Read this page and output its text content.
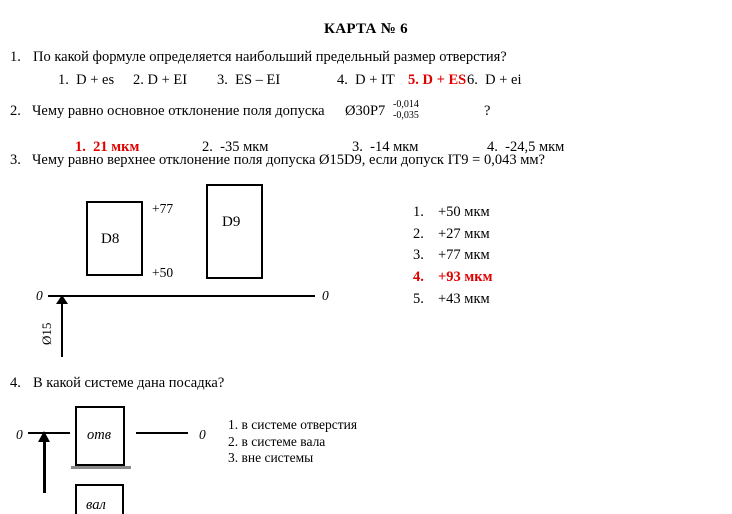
КАРТА № 6
1. По какой формуле определяется наибольший предельный размер отверстия?
1.  D + es 2. D + EI 3.  ES – EI	4.  D + IT 5. D + ES 6.  D + ei
2. Чему равно основное отклонение поля допуска Ø30P7 -0,014
-0,035	?
1.  21 мкм	2.  -35 мкм	3.  -14 мкм	4.  -24,5 мкм
3. Чему равно верхнее отклонение поля допуска Ø15D9, если допуск IT9 = 0,043 мм?
D8
+77
+50
D9
0	0
Ø15
1. +50 мкм
2. +27 мкм
3. +77 мкм
4. +93 мкм
5. +43 мкм
4. В какой системе дана посадка?
0	отв	0
вал
1. в системе отверстия
2. в системе вала
3. вне системы
